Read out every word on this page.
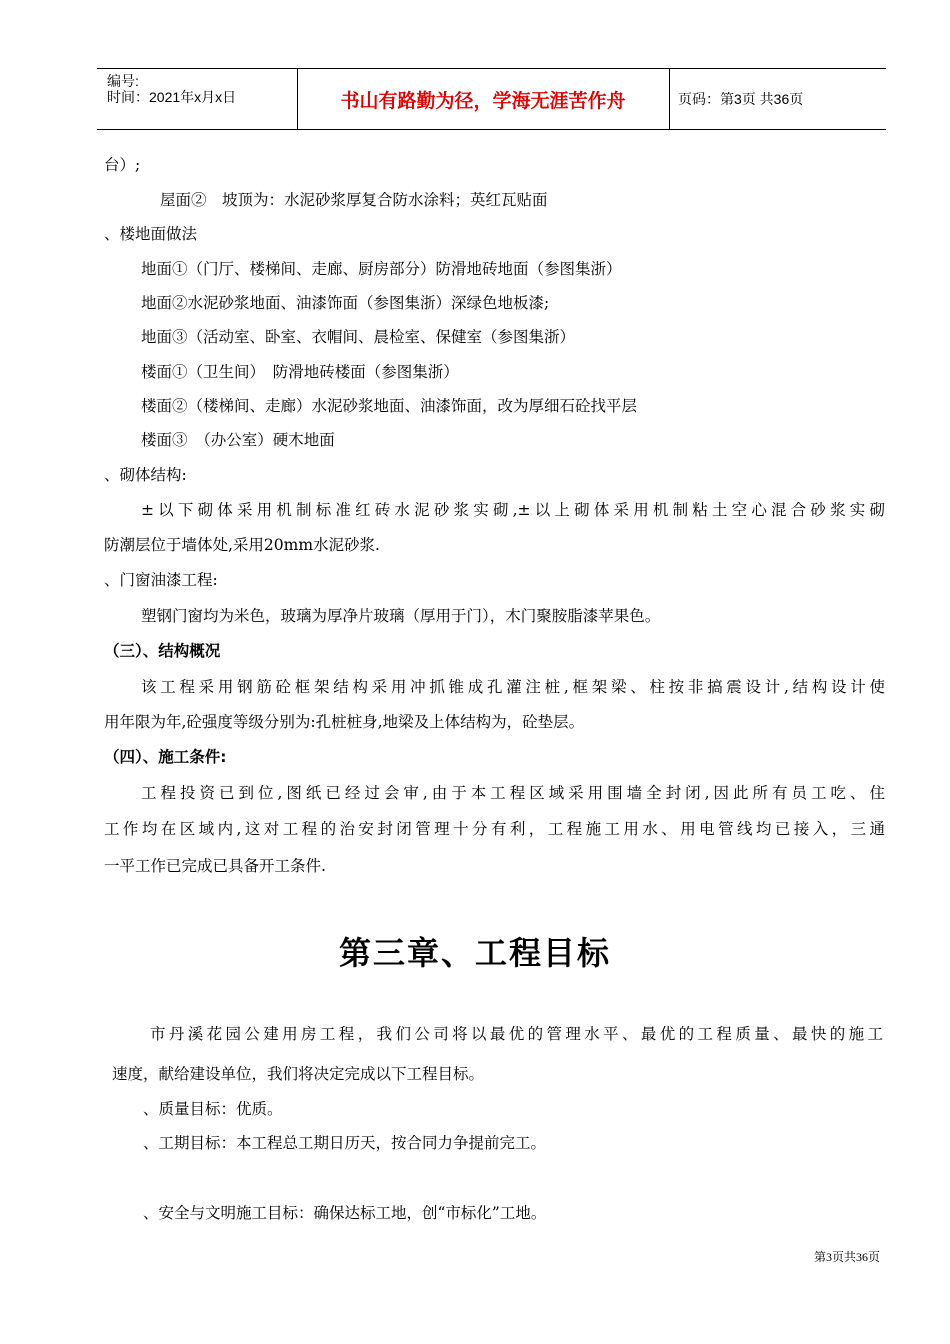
编号:
时间：2021年x月x日	书山有路勤为径，学海无涯苦作舟	页码：第3页 共36页
台）;
屋面②　坡顶为：水泥砂浆厚复合防水涂料；英红瓦贴面
、楼地面做法
地面①（门厅、楼梯间、走廊、厨房部分）防滑地砖地面（参图集浙）
地面②水泥砂浆地面、油漆饰面（参图集浙）深绿色地板漆;
地面③（活动室、卧室、衣帽间、晨检室、保健室（参图集浙）
楼面①（卫生间）　防滑地砖楼面（参图集浙）
楼面②（楼梯间、走廊）水泥砂浆地面、油漆饰面，改为厚细石砼找平层
楼面③　（办公室）硬木地面
、砌体结构:
±以下砌体采用机制标准红砖水泥砂浆实砌,±以上砌体采用机制粘土空心混合砂浆实砌
防潮层位于墙体处,采用20mm水泥砂浆.
、门窗油漆工程:
塑钢门窗均为米色，玻璃为厚净片玻璃（厚用于门），木门聚胺脂漆苹果色。
（三）、结构概况
该工程采用钢筋砼框架结构采用冲抓锥成孔灌注桩,框架梁、柱按非搞震设计,结构设计使
用年限为年,砼强度等级分别为:孔桩桩身,地梁及上体结构为，砼垫层。
（四）、施工条件:
工程投资已到位,图纸已经过会审,由于本工程区域采用围墙全封闭,因此所有员工吃、住
工作均在区域内,这对工程的治安封闭管理十分有利，工程施工用水、用电管线均已接入，三通
一平工作已完成已具备开工条件.
第三章、工程目标
市丹溪花园公建用房工程，我们公司将以最优的管理水平、最优的工程质量、最快的施工
速度，献给建设单位，我们将决定完成以下工程目标。
、质量目标：优质。
、工期目标：本工程总工期日历天，按合同力争提前完工。
、安全与文明施工目标：确保达标工地，创“市标化”工地。
第3页共36页
